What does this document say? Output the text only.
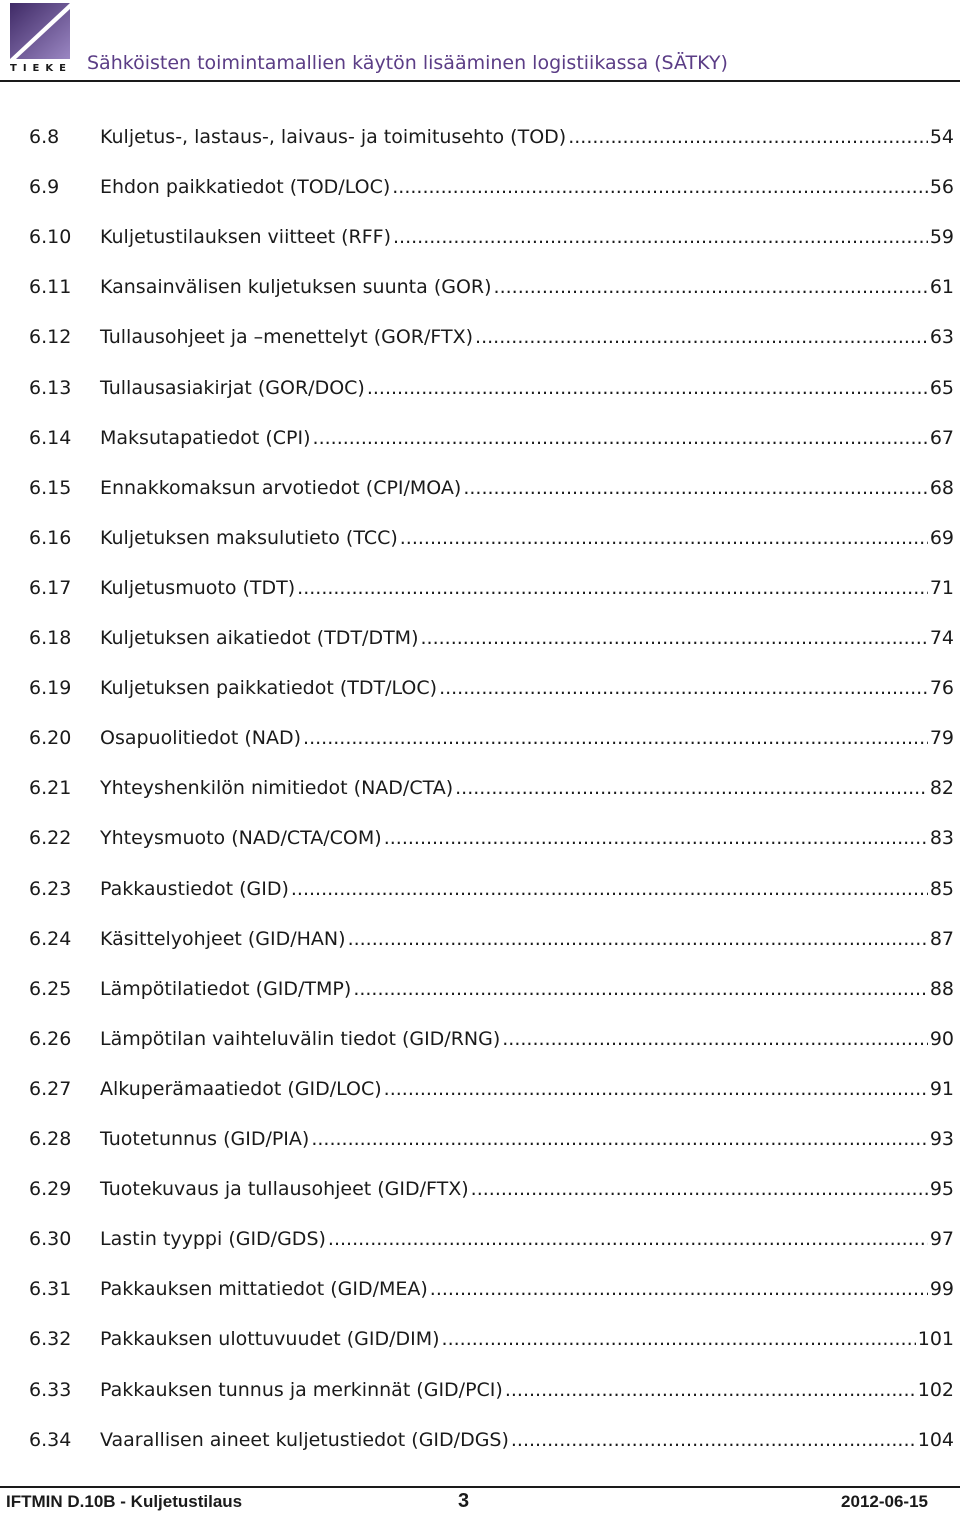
TIEKE Sähköisten toimintamallien käytön lisääminen logistiikassa (SÄTKY)
6.8	Kuljetus-, lastaus-, laivaus- ja toimitusehto (TOD) .....	54
6.9	Ehdon paikkatiedot (TOD/LOC) .....	56
6.10	Kuljetustilauksen viitteet (RFF) .....	59
6.11	Kansainvälisen kuljetuksen suunta (GOR) .....	61
6.12	Tullausohjeet ja –menettelyt (GOR/FTX) .....	63
6.13	Tullausasiakirjat (GOR/DOC) .....	65
6.14	Maksutapatiedot (CPI) .....	67
6.15	Ennakkomaksun arvotiedot (CPI/MOA) .....	68
6.16	Kuljetuksen maksulutieto (TCC) .....	69
6.17	Kuljetusmuoto (TDT) .....	71
6.18	Kuljetuksen aikatiedot (TDT/DTM) .....	74
6.19	Kuljetuksen paikkatiedot (TDT/LOC) .....	76
6.20	Osapuolitiedot (NAD) .....	79
6.21	Yhteyshenkilön nimitiedot (NAD/CTA) .....	82
6.22	Yhteysmuoto (NAD/CTA/COM) .....	83
6.23	Pakkaustiedot (GID) .....	85
6.24	Käsittelyohjeet (GID/HAN) .....	87
6.25	Lämpötilatiedot (GID/TMP) .....	88
6.26	Lämpötilan vaihteluvälin tiedot (GID/RNG) .....	90
6.27	Alkuperämaatiedot (GID/LOC) .....	91
6.28	Tuotetunnus (GID/PIA) .....	93
6.29	Tuotekuvaus ja tullausohjeet (GID/FTX) .....	95
6.30	Lastin tyyppi (GID/GDS) .....	97
6.31	Pakkauksen mittatiedot (GID/MEA) .....	99
6.32	Pakkauksen ulottuvuudet (GID/DIM) .....	101
6.33	Pakkauksen tunnus ja merkinnät (GID/PCI) .....	102
6.34	Vaarallisen aineet kuljetustiedot (GID/DGS) .....	104
IFTMIN D.10B - Kuljetustilaus	3	2012-06-15
